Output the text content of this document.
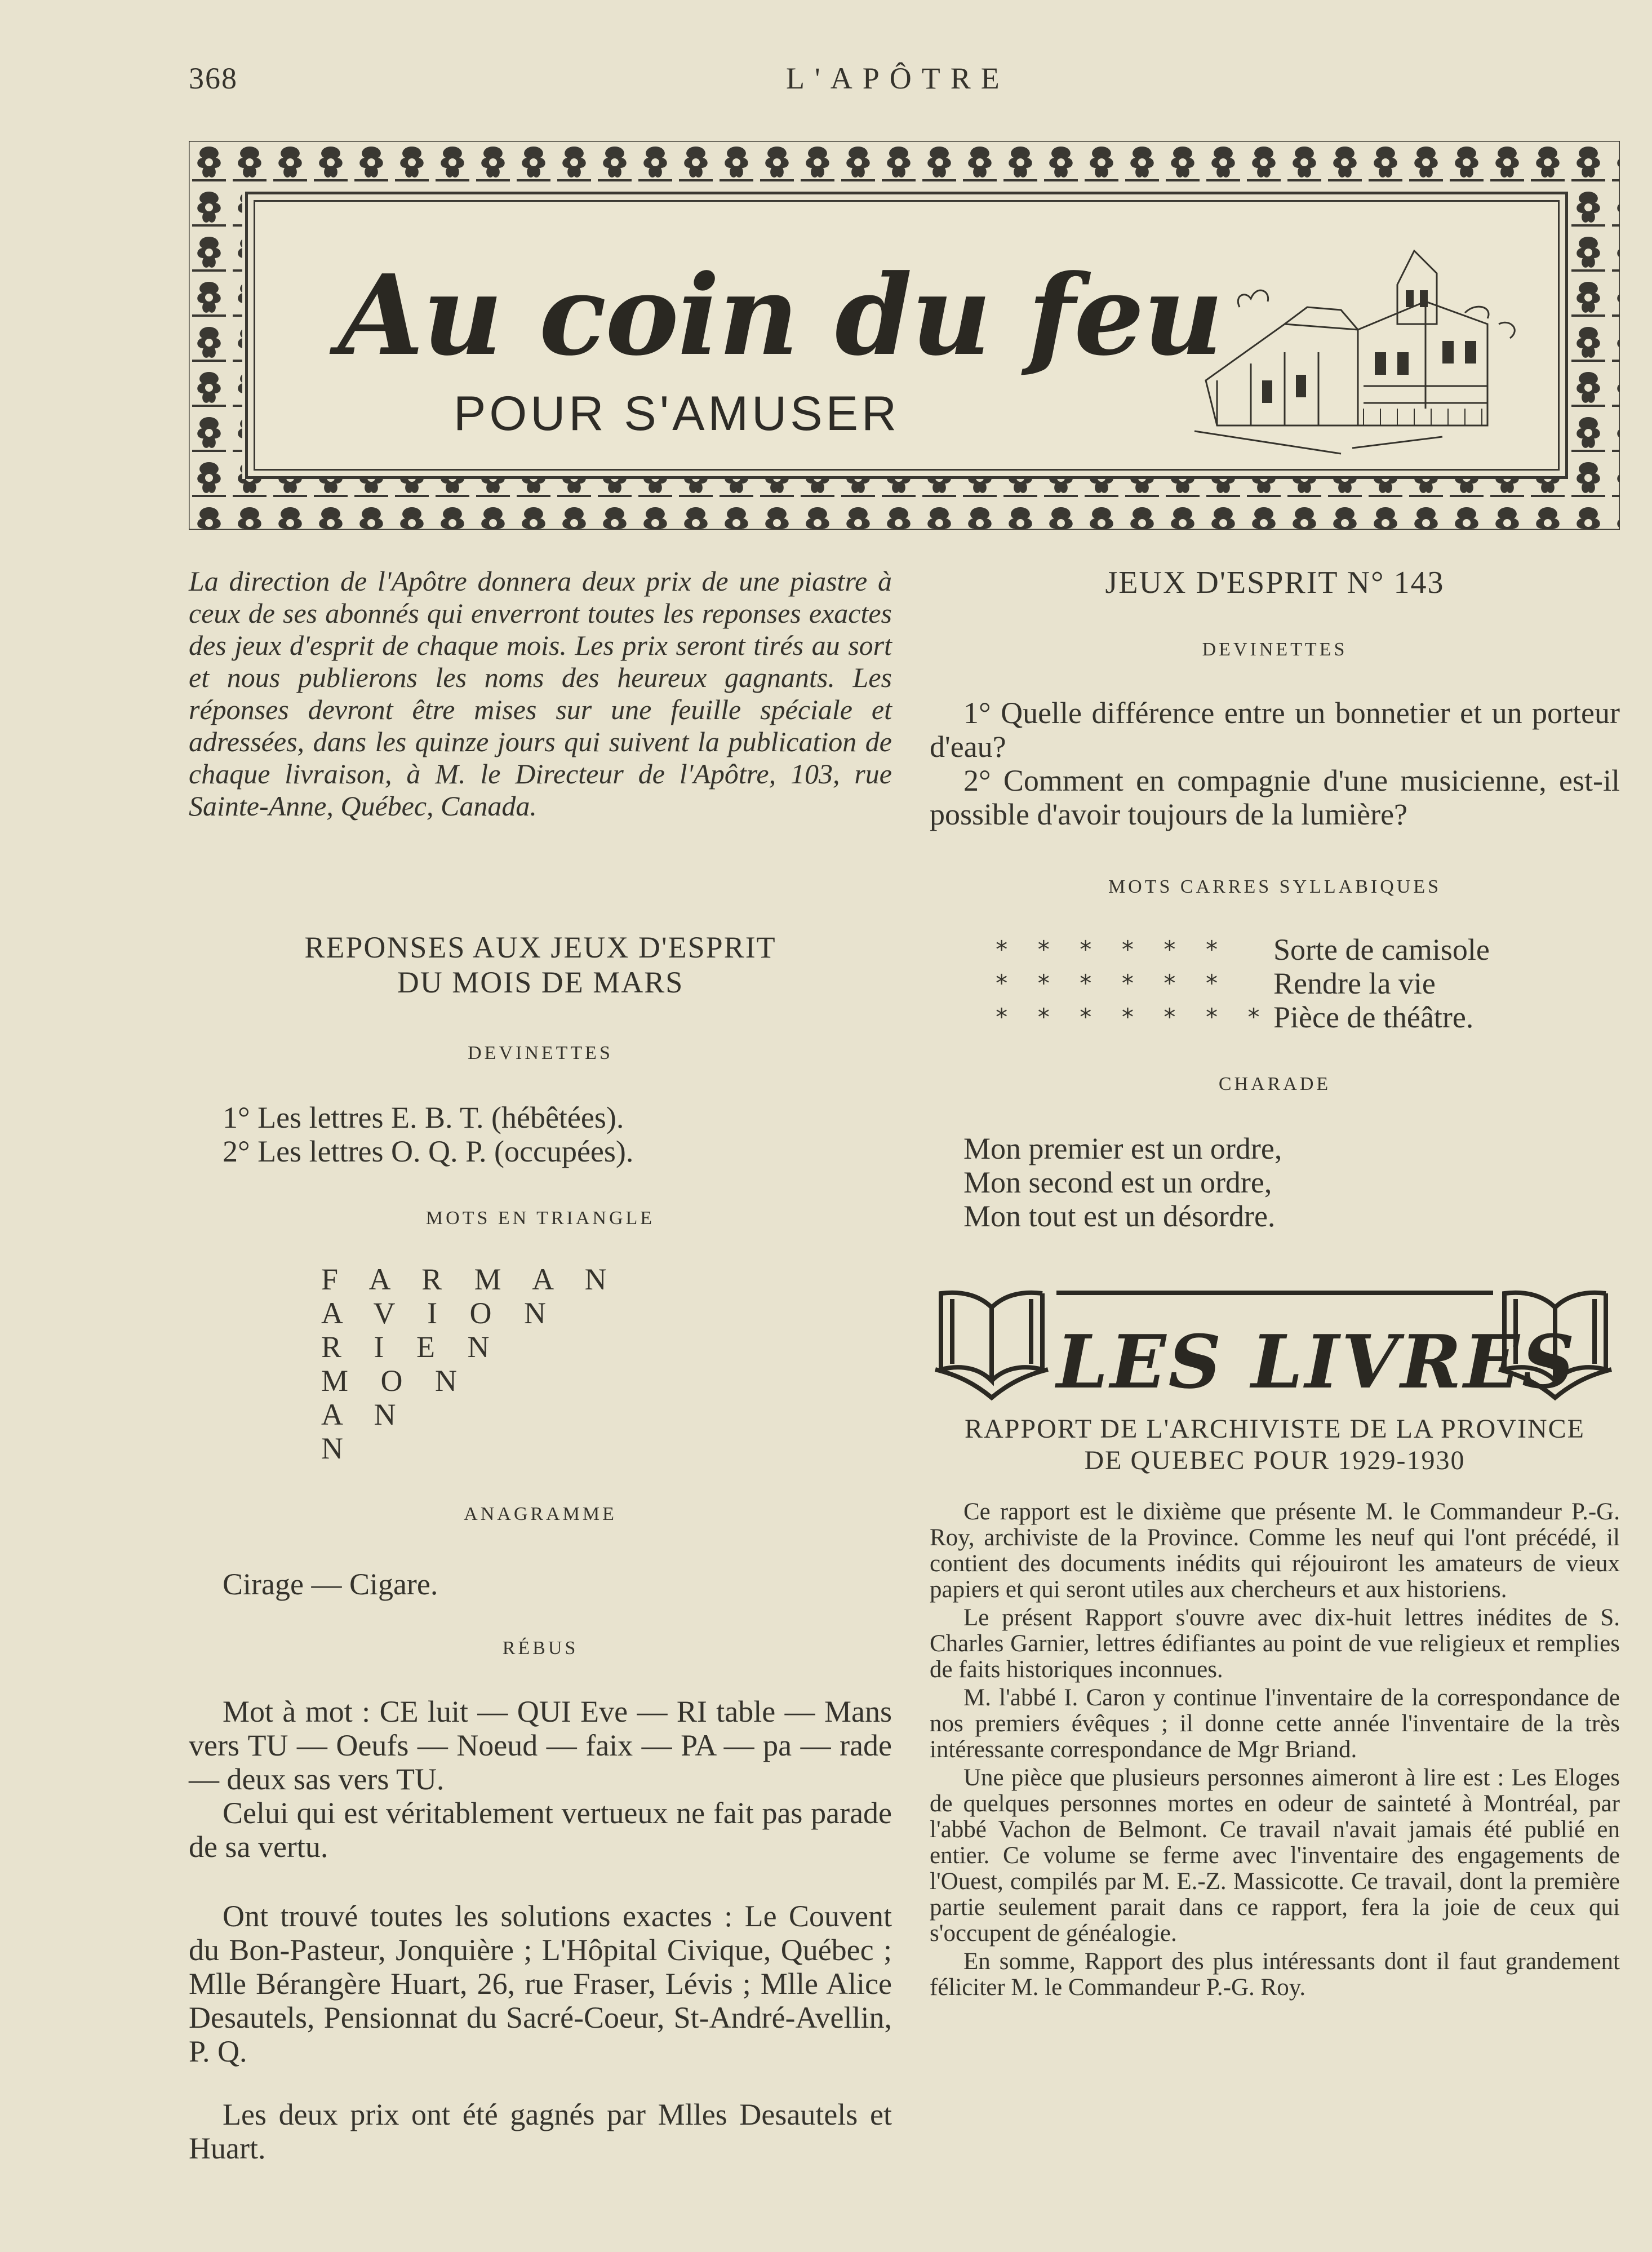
368	L'APÔTRE
Au coin du feu
POUR S'AMUSER
La direction de l'Apôtre donnera deux prix de une piastre à ceux de ses abonnés qui enverront toutes les reponses exactes des jeux d'esprit de chaque mois. Les prix seront tirés au sort et nous publierons les noms des heureux gagnants. Les réponses devront être mises sur une feuille spéciale et adressées, dans les quinze jours qui suivent la publication de chaque livraison, à M. le Directeur de l'Apôtre, 103, rue Sainte-Anne, Québec, Canada.
REPONSES AUX JEUX D'ESPRIT
DU MOIS DE MARS
DEVINETTES
1° Les lettres E. B. T. (hébêtées).
2° Les lettres O. Q. P. (occupées).
MOTS EN TRIANGLE
F A R M A N
A V I O N
R I E N
M O N
A N
N
ANAGRAMME
Cirage — Cigare.
RÉBUS

Mot à mot : CE luit — QUI Eve — RI table — Mans vers TU — Oeufs — Noeud — faix — PA — pa — rade — deux sas vers TU.

Celui qui est véritablement vertueux ne fait pas parade de sa vertu.

Ont trouvé toutes les solutions exactes : Le Couvent du Bon-Pasteur, Jonquière ; L'Hôpital Civique, Québec ; Mlle Bérangère Huart, 26, rue Fraser, Lévis ; Mlle Alice Desautels, Pensionnat du Sacré-Coeur, St-André-Avellin, P. Q.

Les deux prix ont été gagnés par Mlles Desautels et Huart.

JEUX D'ESPRIT N° 143
DEVINETTES

1° Quelle différence entre un bonnetier et un porteur d'eau?

2° Comment en compagnie d'une musicienne, est-il possible d'avoir toujours de la lumière?

MOTS CARRES SYLLABIQUES
* * * * * *	Sorte de camisole
* * * * * *	Rendre la vie
* * * * * * *	Pièce de théâtre.
CHARADE
Mon premier est un ordre,
Mon second est un ordre,
Mon tout est un désordre.
LES LIVRES
RAPPORT DE L'ARCHIVISTE DE LA PROVINCE
DE QUEBEC POUR 1929-1930

Ce rapport est le dixième que présente M. le Commandeur P.-G. Roy, archiviste de la Province. Comme les neuf qui l'ont précédé, il contient des documents inédits qui réjouiront les amateurs de vieux papiers et qui seront utiles aux chercheurs et aux historiens.

Le présent Rapport s'ouvre avec dix-huit lettres inédites de S. Charles Garnier, lettres édifiantes au point de vue religieux et remplies de faits historiques inconnues.

M. l'abbé I. Caron y continue l'inventaire de la correspondance de nos premiers évêques ; il donne cette année l'inventaire de la très intéressante correspondance de Mgr Briand.

Une pièce que plusieurs personnes aimeront à lire est : Les Eloges de quelques personnes mortes en odeur de sainteté à Montréal, par l'abbé Vachon de Belmont. Ce travail n'avait jamais été publié en entier. Ce volume se ferme avec l'inventaire des engagements de l'Ouest, compilés par M. E.-Z. Massicotte. Ce travail, dont la première partie seulement parait dans ce rapport, fera la joie de ceux qui s'occupent de généalogie.

En somme, Rapport des plus intéressants dont il faut grandement féliciter M. le Commandeur P.-G. Roy.
